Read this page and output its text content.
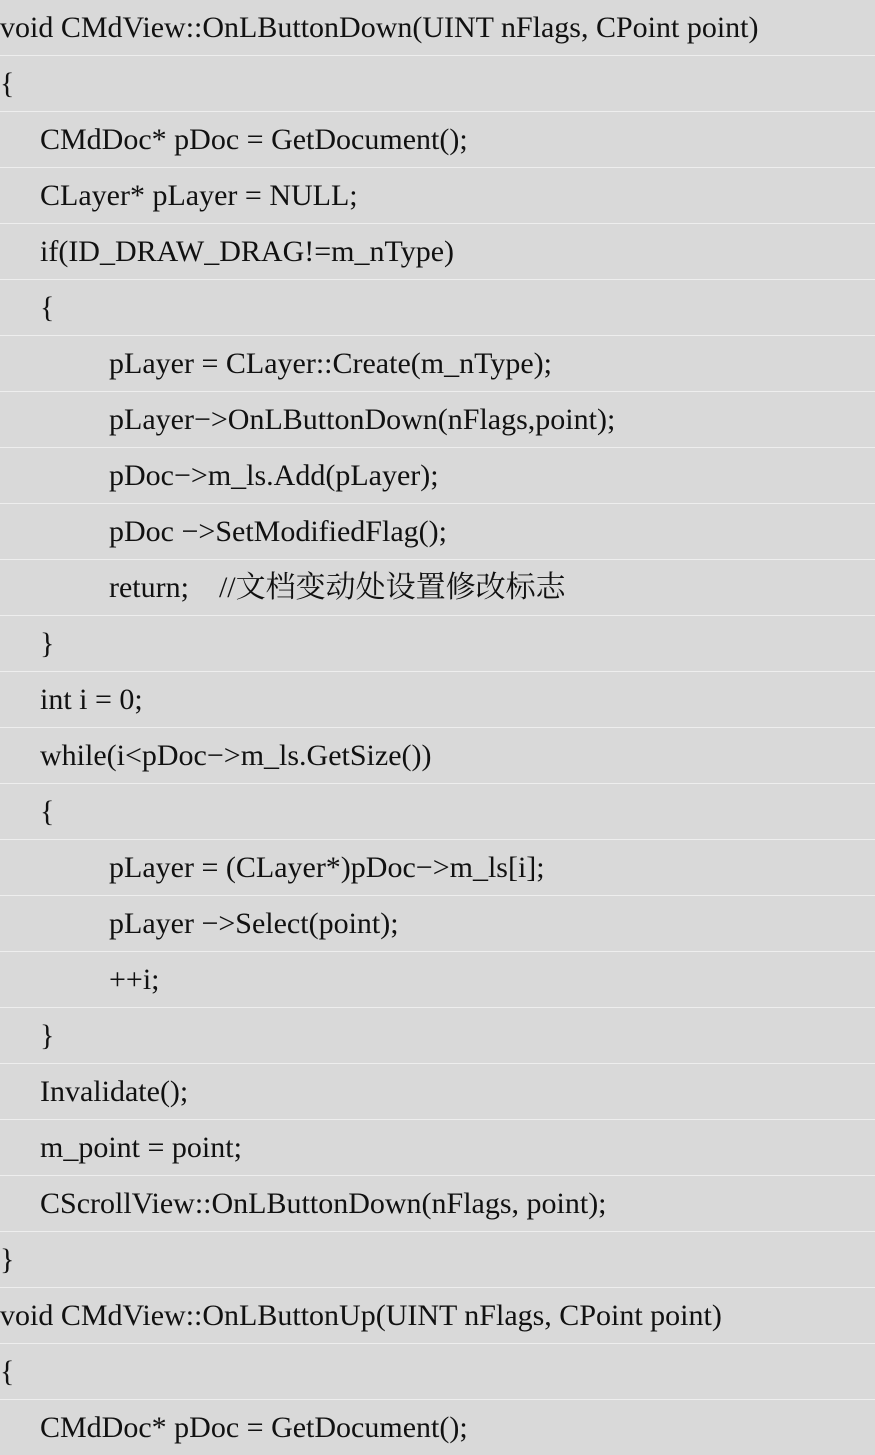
void CMdView::OnLButtonDown(UINT nFlags, CPoint point)
{
CMdDoc* pDoc = GetDocument();
CLayer* pLayer = NULL;
if(ID_DRAW_DRAG!=m_nType)
{
pLayer = CLayer::Create(m_nType);
pLayer−>OnLButtonDown(nFlags,point);
pDoc−>m_ls.Add(pLayer);
pDoc −>SetModifiedFlag();
return;    //文档变动处设置修改标志
}
int i = 0;
while(i<pDoc−>m_ls.GetSize())
{
pLayer = (CLayer*)pDoc−>m_ls[i];
pLayer −>Select(point);
++i;
}
Invalidate();
m_point = point;
CScrollView::OnLButtonDown(nFlags, point);
}
void CMdView::OnLButtonUp(UINT nFlags, CPoint point)
{
CMdDoc* pDoc = GetDocument();
